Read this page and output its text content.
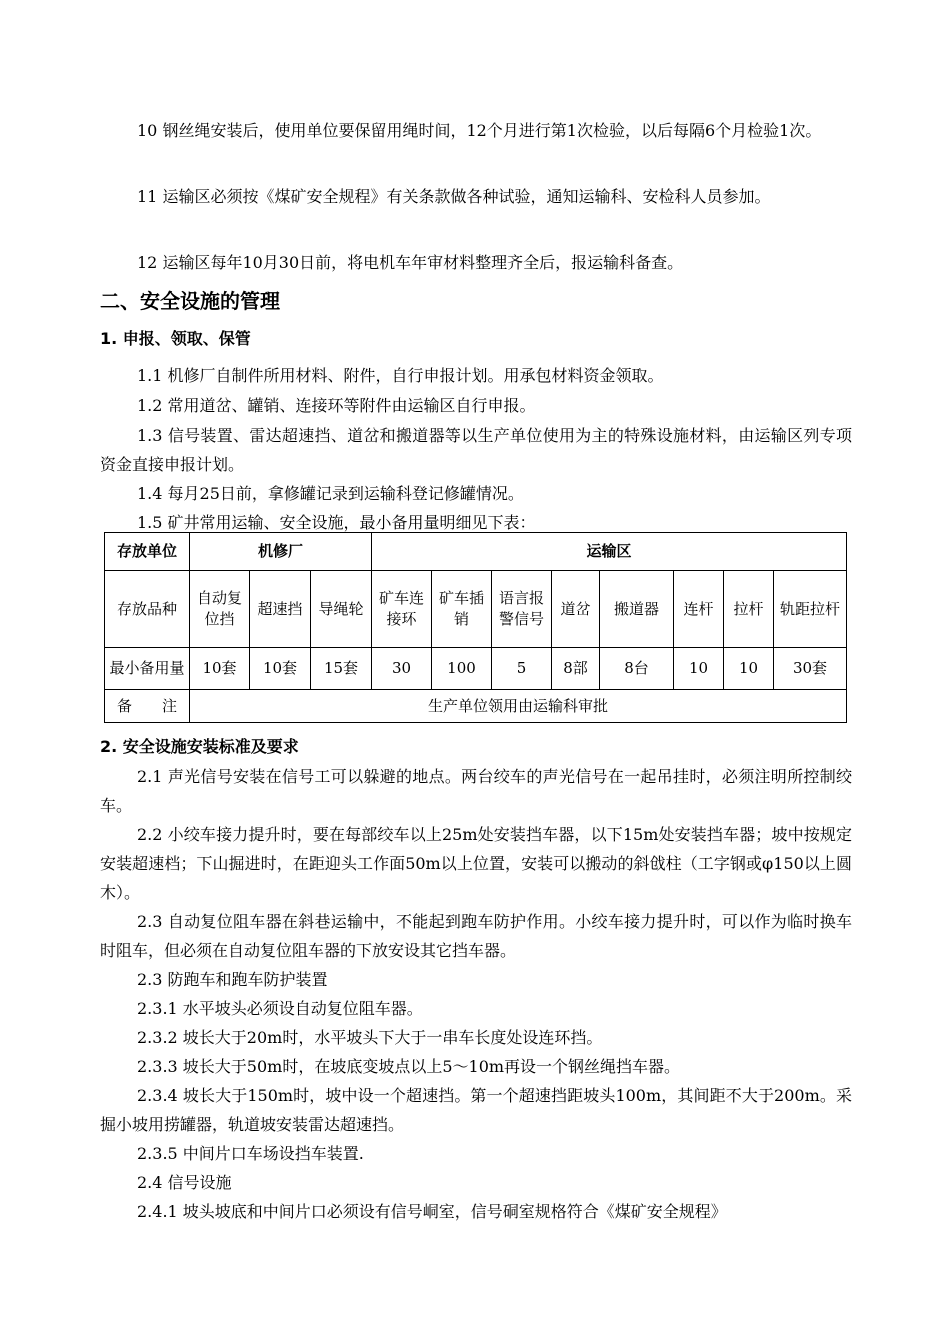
10 钢丝绳安装后，使用单位要保留用绳时间，12个月进行第1次检验，以后每隔6个月检验1次。
11 运输区必须按《煤矿安全规程》有关条款做各种试验，通知运输科、安检科人员参加。
12 运输区每年10月30日前，将电机车年审材料整理齐全后，报运输科备查。
二、安全设施的管理
1. 申报、领取、保管
1.1 机修厂自制件所用材料、附件，自行申报计划。用承包材料资金领取。
1.2 常用道岔、罐销、连接环等附件由运输区自行申报。
1.3 信号装置、雷达超速挡、道岔和搬道器等以生产单位使用为主的特殊设施材料，由运输区列专项资金直接申报计划。
1.4 每月25日前，拿修罐记录到运输科登记修罐情况。
1.5 矿井常用运输、安全设施，最小备用量明细见下表：
存放单位	机修厂			运输区							
存放品种	自动复位挡	超速挡	导绳轮	矿车连接环	矿车插销	语言报警信号	道岔	搬道器	连杆	拉杆	轨距拉杆
最小备用量	10套	10套	15套	30	100	5	8部	8台	10	10	30套
备　　注	生产单位领用由运输科审批										
2. 安全设施安装标准及要求
2.1 声光信号安装在信号工可以躲避的地点。两台绞车的声光信号在一起吊挂时，必须注明所控制绞车。
2.2 小绞车接力提升时，要在每部绞车以上25m处安装挡车器，以下15m处安装挡车器；坡中按规定安装超速档；下山掘进时，在距迎头工作面50m以上位置，安装可以搬动的斜戗柱（工字钢或φ150以上圆木）。
2.3 自动复位阻车器在斜巷运输中，不能起到跑车防护作用。小绞车接力提升时，可以作为临时换车时阻车，但必须在自动复位阻车器的下放安设其它挡车器。
2.3 防跑车和跑车防护装置
2.3.1 水平坡头必须设自动复位阻车器。
2.3.2 坡长大于20m时，水平坡头下大于一串车长度处设连环挡。
2.3.3 坡长大于50m时，在坡底变坡点以上5～10m再设一个钢丝绳挡车器。
2.3.4 坡长大于150m时，坡中设一个超速挡。第一个超速挡距坡头100m，其间距不大于200m。采掘小坡用捞罐器，轨道坡安装雷达超速挡。
2.3.5 中间片口车场设挡车装置.
2.4 信号设施
2.4.1 坡头坡底和中间片口必须设有信号峒室，信号硐室规格符合《煤矿安全规程》
